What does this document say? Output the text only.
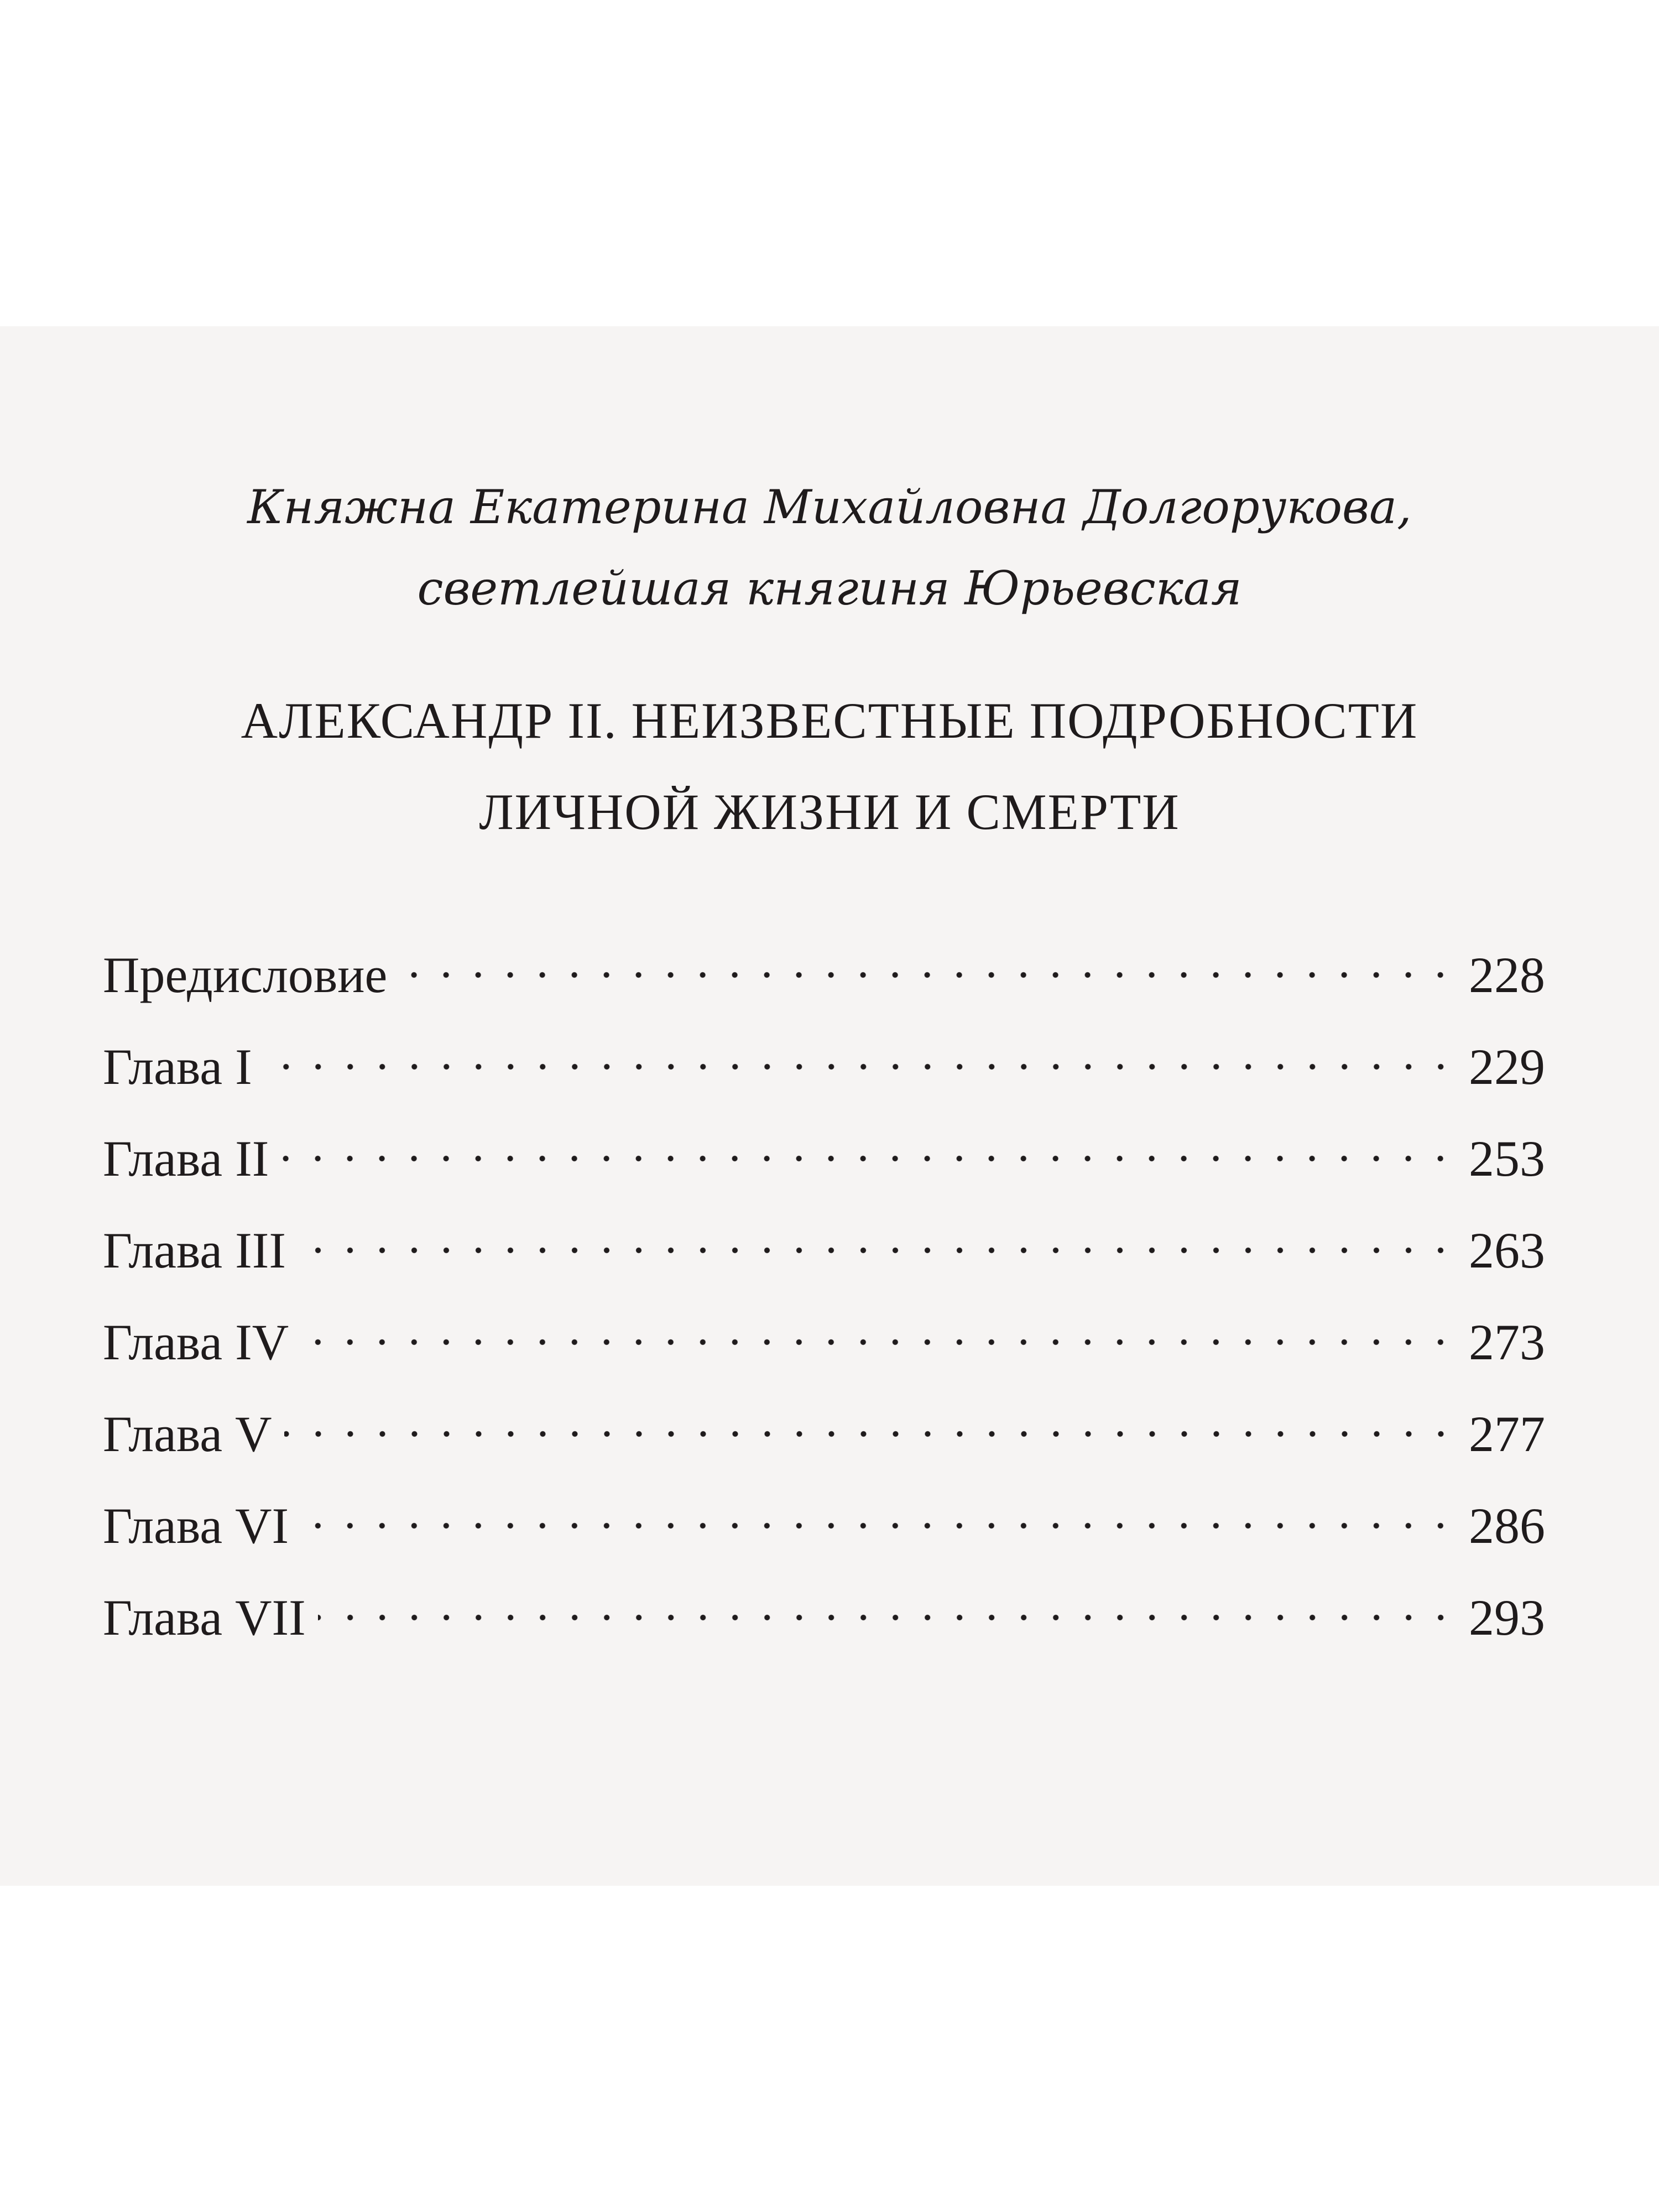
Княжна Екатерина Михайловна Долгорукова,
светлейшая княгиня Юрьевская
АЛЕКСАНДР II. НЕИЗВЕСТНЫЕ ПОДРОБНОСТИ
ЛИЧНОЙ ЖИЗНИ И СМЕРТИ
Предисловие	228
Глава I	229
Глава II	253
Глава III	263
Глава IV	273
Глава V	277
Глава VI	286
Глава VII	293
